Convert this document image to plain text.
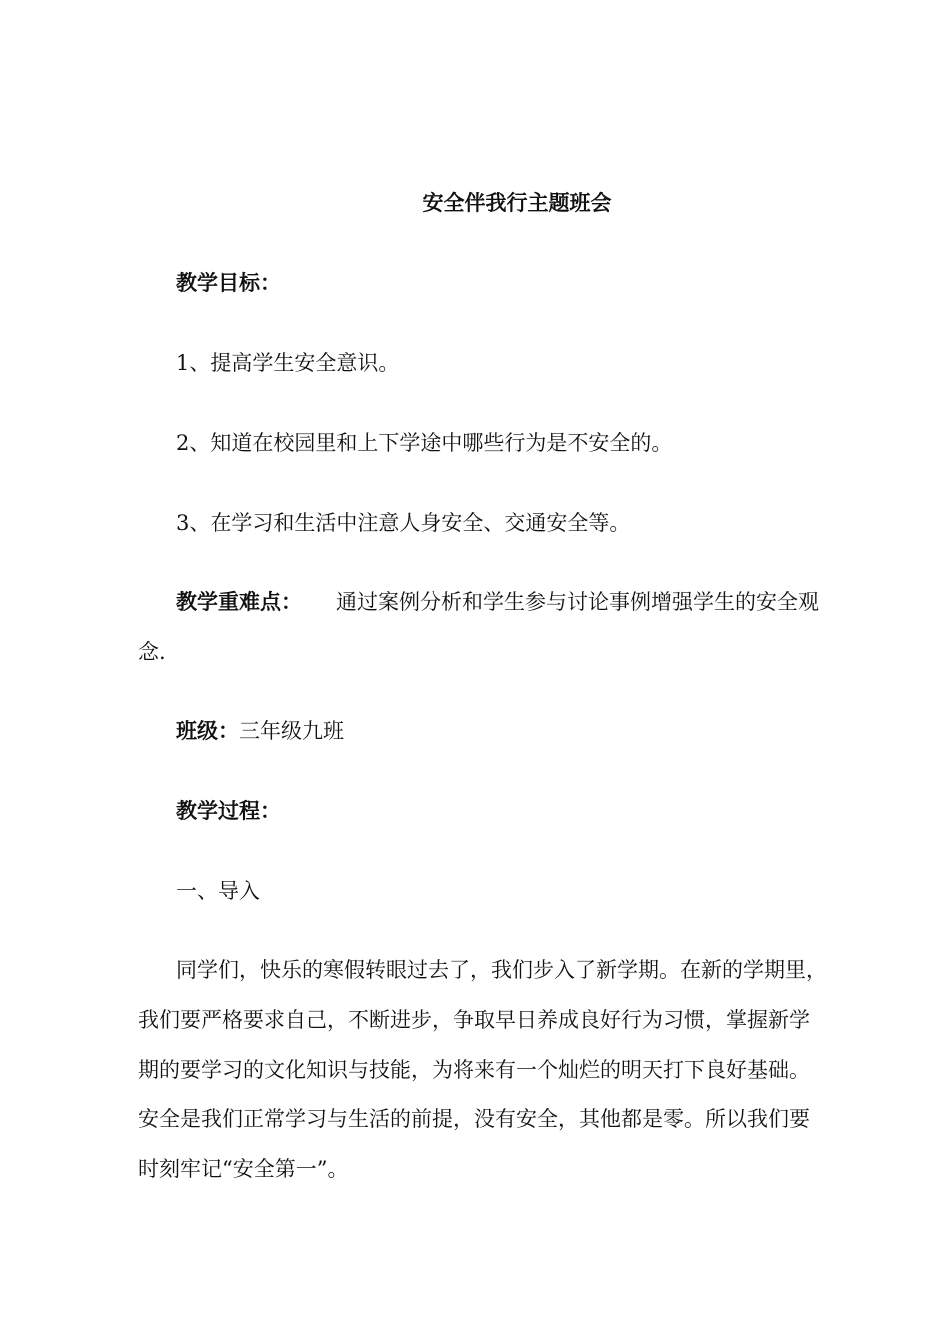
安全伴我行主题班会
教学目标：
1、提高学生安全意识。
2、知道在校园里和上下学途中哪些行为是不安全的。
3、在学习和生活中注意人身安全、交通安全等。
教学重难点： 通过案例分析和学生参与讨论事例增强学生的安全观
念.
班级：三年级九班
教学过程：
一、导入
同学们，快乐的寒假转眼过去了，我们步入了新学期。在新的学期里，
我们要严格要求自己，不断进步，争取早日养成良好行为习惯，掌握新学
期的要学习的文化知识与技能，为将来有一个灿烂的明天打下良好基础。
安全是我们正常学习与生活的前提，没有安全，其他都是零。所以我们要
时刻牢记“安全第一”。
